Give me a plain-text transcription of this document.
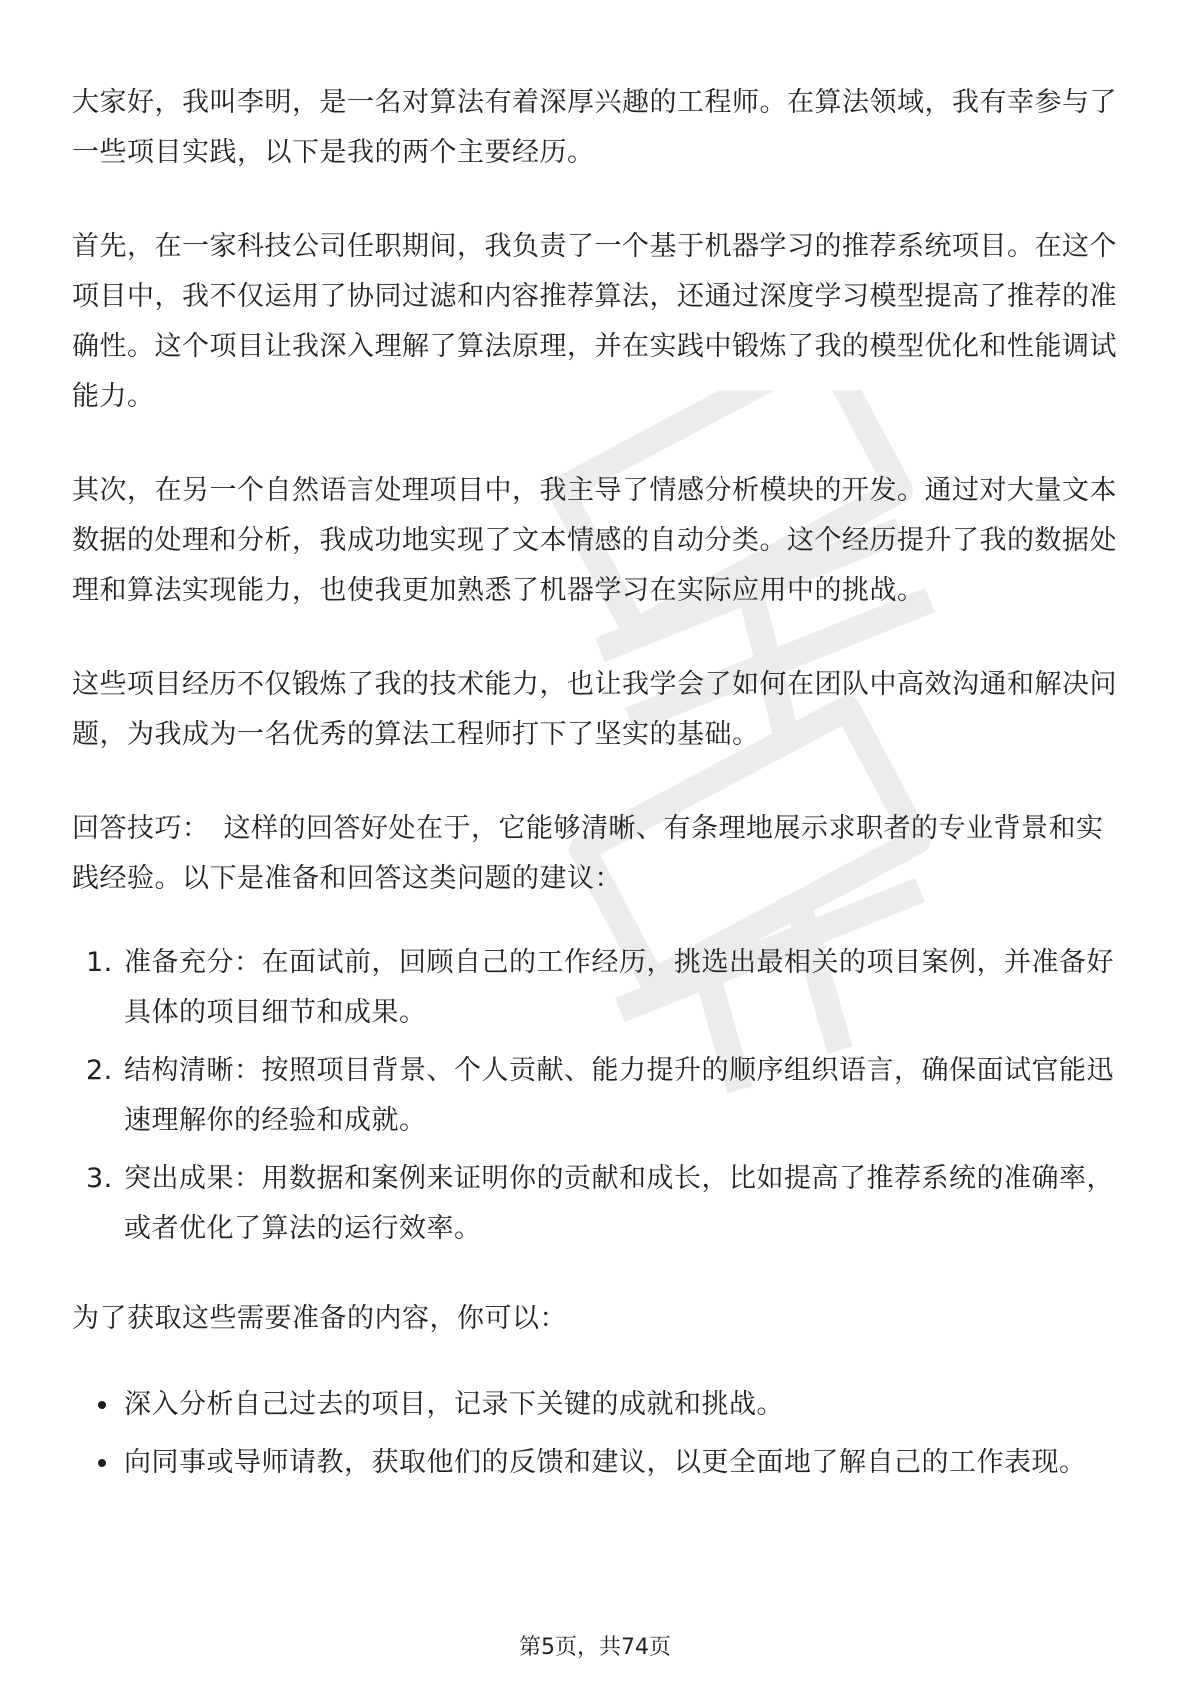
大家好，我叫李明，是一名对算法有着深厚兴趣的工程师。在算法领域，我有幸参与了一些项目实践，以下是我的两个主要经历。

首先，在一家科技公司任职期间，我负责了一个基于机器学习的推荐系统项目。在这个项目中，我不仅运用了协同过滤和内容推荐算法，还通过深度学习模型提高了推荐的准确性。这个项目让我深入理解了算法原理，并在实践中锻炼了我的模型优化和性能调试能力。

其次，在另一个自然语言处理项目中，我主导了情感分析模块的开发。通过对大量文本数据的处理和分析，我成功地实现了文本情感的自动分类。这个经历提升了我的数据处理和算法实现能力，也使我更加熟悉了机器学习在实际应用中的挑战。

这些项目经历不仅锻炼了我的技术能力，也让我学会了如何在团队中高效沟通和解决问题，为我成为一名优秀的算法工程师打下了坚实的基础。

回答技巧： 这样的回答好处在于，它能够清晰、有条理地展示求职者的专业背景和实践经验。以下是准备和回答这类问题的建议：

1. 准备充分：在面试前，回顾自己的工作经历，挑选出最相关的项目案例，并准备好具体的项目细节和成果。
2. 结构清晰：按照项目背景、个人贡献、能力提升的顺序组织语言，确保面试官能迅速理解你的经验和成就。
3. 突出成果：用数据和案例来证明你的贡献和成长，比如提高了推荐系统的准确率，或者优化了算法的运行效率。

为了获取这些需要准备的内容，你可以：

深入分析自己过去的项目，记录下关键的成就和挑战。
向同事或导师请教，获取他们的反馈和建议，以更全面地了解自己的工作表现。
第5页，共74页
